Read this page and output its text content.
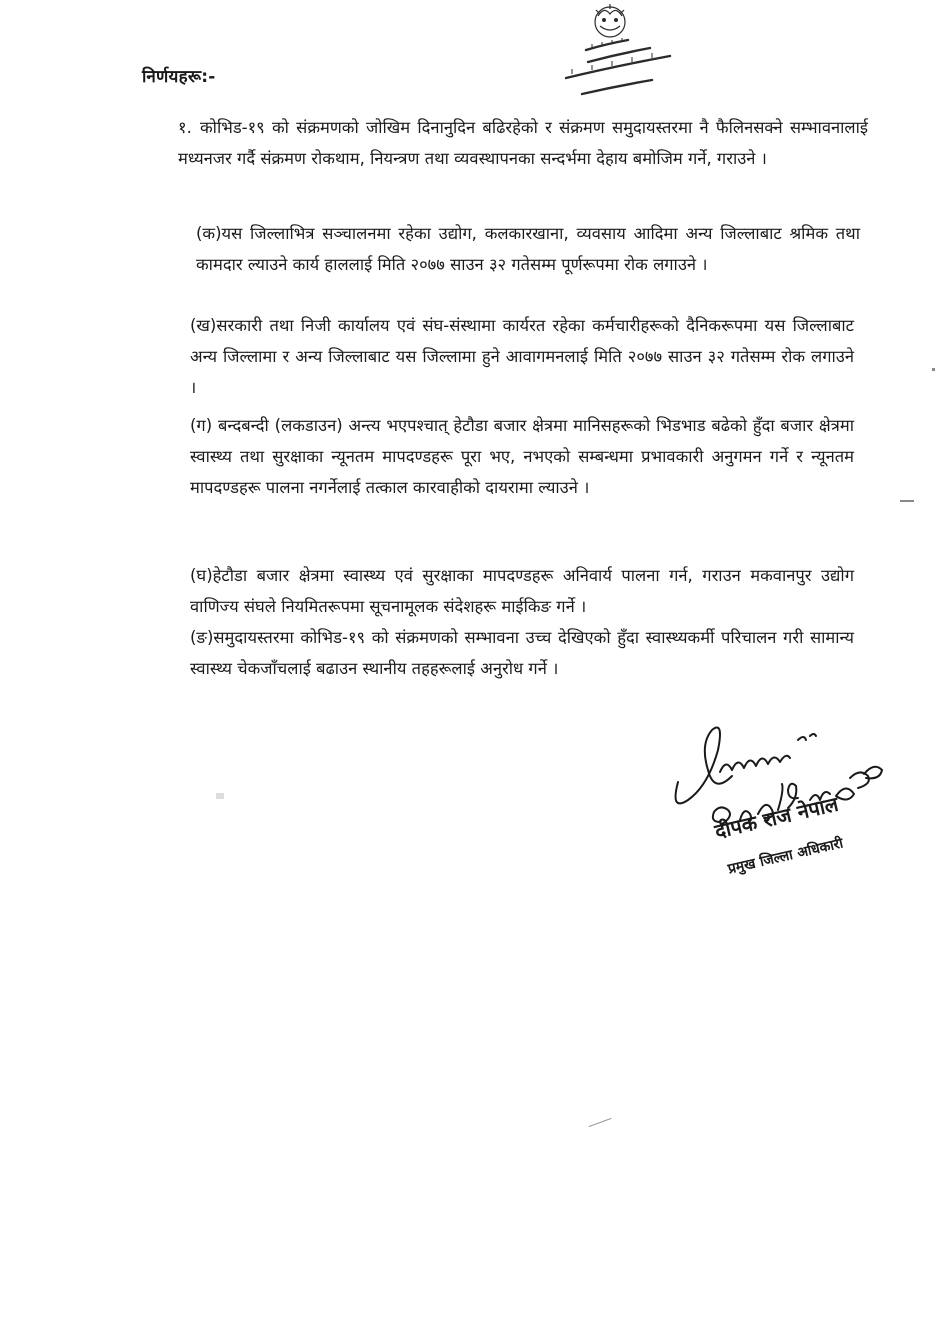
निर्णयहरू:-
१. कोभिड-१९ को संक्रमणको जोखिम दिनानुदिन बढिरहेको र संक्रमण समुदायस्तरमा नै फैलिनसक्ने सम्भावनालाई मध्यनजर गर्दै संक्रमण रोकथाम, नियन्त्रण तथा व्यवस्थापनका सन्दर्भमा देहाय बमोजिम गर्ने, गराउने ।
(क)यस जिल्लाभित्र सञ्चालनमा रहेका उद्योग, कलकारखाना, व्यवसाय आदिमा अन्य जिल्लाबाट श्रमिक तथा कामदार ल्याउने कार्य हाललाई मिति २०७७ साउन ३२ गतेसम्म पूर्णरूपमा रोक लगाउने ।
(ख)सरकारी तथा निजी कार्यालय एवं संघ-संस्थामा कार्यरत रहेका कर्मचारीहरूको दैनिकरूपमा यस जिल्लाबाट अन्य जिल्लामा र अन्य जिल्लाबाट यस जिल्लामा हुने आवागमनलाई मिति २०७७ साउन ३२ गतेसम्म रोक लगाउने ।
(ग) बन्दबन्दी (लकडाउन) अन्त्य भएपश्चात् हेटौडा बजार क्षेत्रमा मानिसहरूको भिडभाड बढेको हुँदा बजार क्षेत्रमा स्वास्थ्य तथा सुरक्षाका न्यूनतम मापदण्डहरू पूरा भए, नभएको सम्बन्धमा प्रभावकारी अनुगमन गर्ने र न्यूनतम मापदण्डहरू पालना नगर्नेलाई तत्काल कारवाहीको दायरामा ल्याउने ।
(घ)हेटौडा बजार क्षेत्रमा स्वास्थ्य एवं सुरक्षाका मापदण्डहरू अनिवार्य पालना गर्न, गराउन मकवानपुर उद्योग वाणिज्य संघले नियमितरूपमा सूचनामूलक संदेशहरू माईकिङ गर्ने ।
(ङ)समुदायस्तरमा कोभिड-१९ को संक्रमणको सम्भावना उच्च देखिएको हुँदा स्वास्थ्यकर्मी परिचालन गरी सामान्य स्वास्थ्य चेकजाँचलाई बढाउन स्थानीय तहहरूलाई अनुरोध गर्ने ।
दीपक राज नेपाल
प्रमुख जिल्ला अधिकारी
